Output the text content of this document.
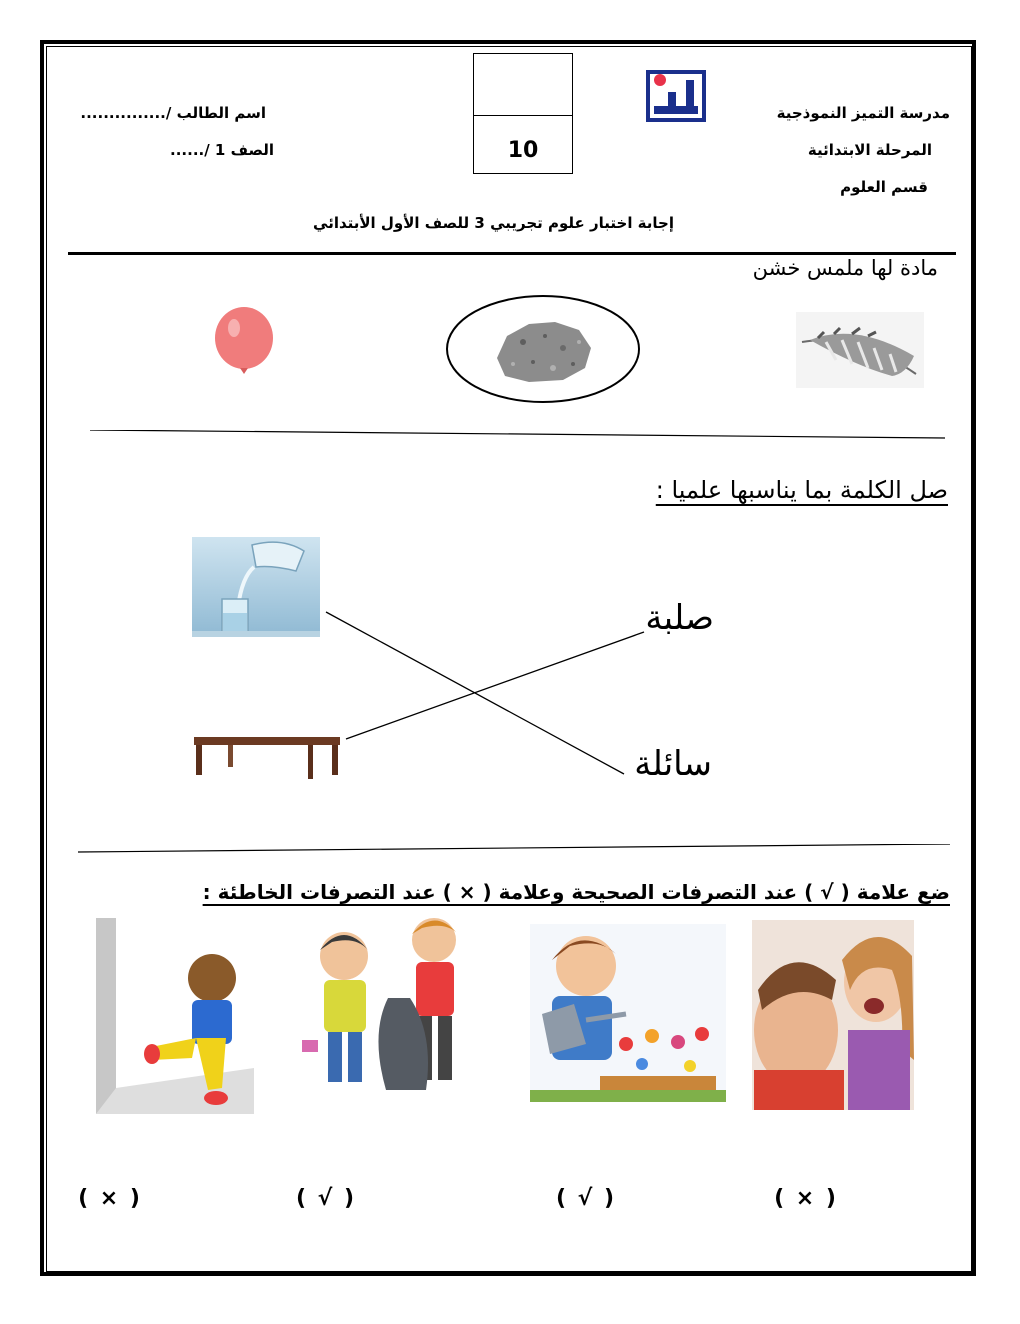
مدرسة التميز النموذجية
المرحلة الابتدائية
قسم العلوم
اسم الطالب /...............
الصف 1 /......	10
إجابة اختبار علوم تجريبي 3 للصف الأول الأبتدائي
مادة لها ملمس خشن
صل الكلمة بما يناسبها علميا :
صلبة
سائلة
ضع علامة ( √ ) عند التصرفات الصحيحة وعلامة ( × ) عند التصرفات الخاطئة :
( × )
( √ )
( √ )
( × )
